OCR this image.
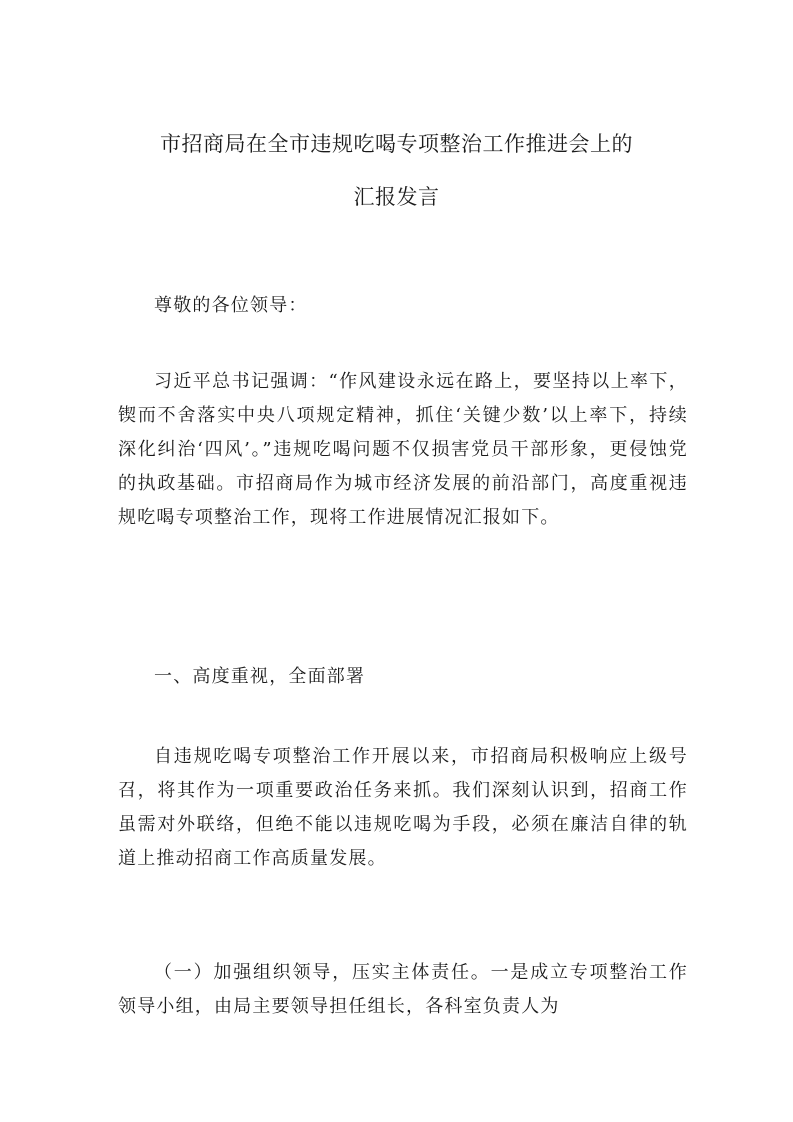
市招商局在全市违规吃喝专项整治工作推进会上的
汇报发言

尊敬的各位领导：

习近平总书记强调：“作风建设永远在路上，要坚持以上率下，锲而不舍落实中央八项规定精神，抓住‘关键少数’以上率下，持续深化纠治‘四风’。”违规吃喝问题不仅损害党员干部形象，更侵蚀党的执政基础。市招商局作为城市经济发展的前沿部门，高度重视违规吃喝专项整治工作，现将工作进展情况汇报如下。

一、高度重视，全面部署

自违规吃喝专项整治工作开展以来，市招商局积极响应上级号召，将其作为一项重要政治任务来抓。我们深刻认识到，招商工作虽需对外联络，但绝不能以违规吃喝为手段，必须在廉洁自律的轨道上推动招商工作高质量发展。

（一）加强组织领导，压实主体责任。一是成立专项整治工作领导小组，由局主要领导担任组长，各科室负责人为
